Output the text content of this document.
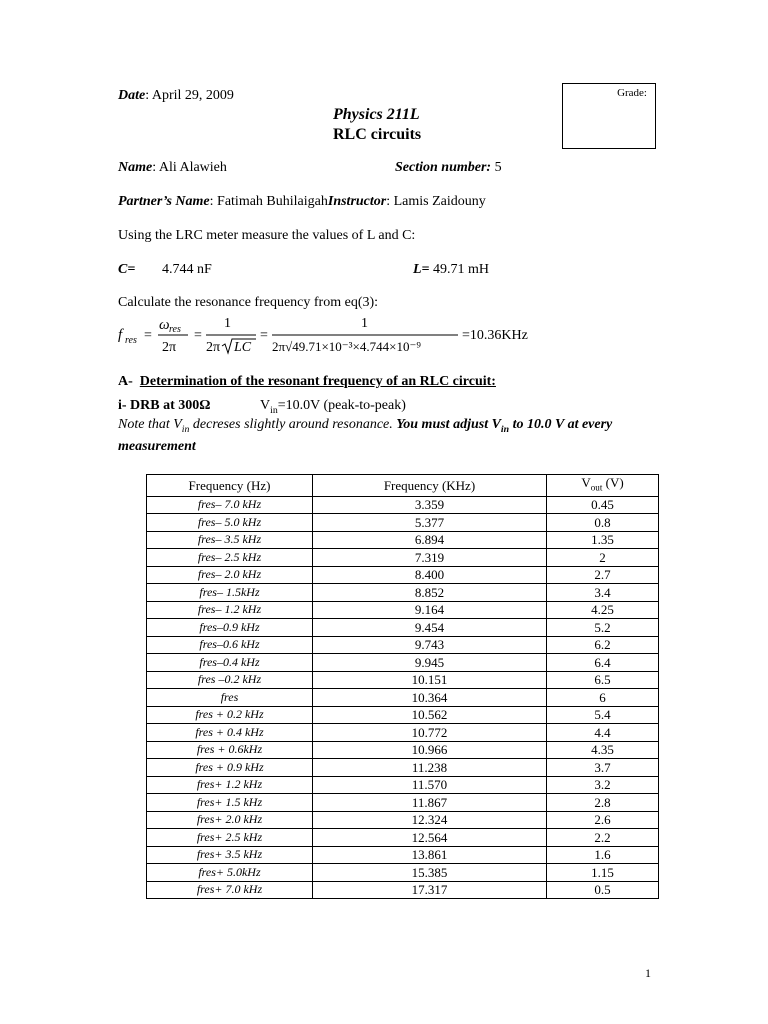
Grade:
Date: April 29, 2009
Physics 211L
RLC circuits
Name: Ali Alawieh	Section number: 5
Partner’s Name: Fatimah BuhilaigahInstructor: Lamis Zaidouny
Using the LRC meter measure the values of L and C:
C= 4.744 nF	L= 49.71 mH
Calculate the resonance frequency from eq(3):
f res =
ω res
2π
=
1
2π LC
=
1
2π√49.71×10⁻³×4.744×10⁻⁹
=10.36KHz
A- Determination of the resonant frequency of an RLC circuit:
i- DRB at 300Ω	$V_{in}=10.0V$ (peak-to-peak)
Note that $V_{in}$ decreses slightly around resonance. You must adjust $V_{in}$ to 10.0 V at every measurement
Frequency (Hz)	Frequency (KHz)	$V_{out}$ (V)
fres– 7.0 kHz	3.359	0.45
fres– 5.0 kHz	5.377	0.8
fres– 3.5 kHz	6.894	1.35
fres– 2.5 kHz	7.319	2
fres– 2.0 kHz	8.400	2.7
fres– 1.5kHz	8.852	3.4
fres– 1.2 kHz	9.164	4.25
fres–0.9 kHz	9.454	5.2
fres–0.6 kHz	9.743	6.2
fres–0.4 kHz	9.945	6.4
fres –0.2 kHz	10.151	6.5
fres	10.364	6
fres + 0.2 kHz	10.562	5.4
fres + 0.4 kHz	10.772	4.4
fres + 0.6kHz	10.966	4.35
fres + 0.9 kHz	11.238	3.7
fres+ 1.2 kHz	11.570	3.2
fres+ 1.5 kHz	11.867	2.8
fres+ 2.0 kHz	12.324	2.6
fres+ 2.5 kHz	12.564	2.2
fres+ 3.5 kHz	13.861	1.6
fres+ 5.0kHz	15.385	1.15
fres+ 7.0 kHz	17.317	0.5
1
